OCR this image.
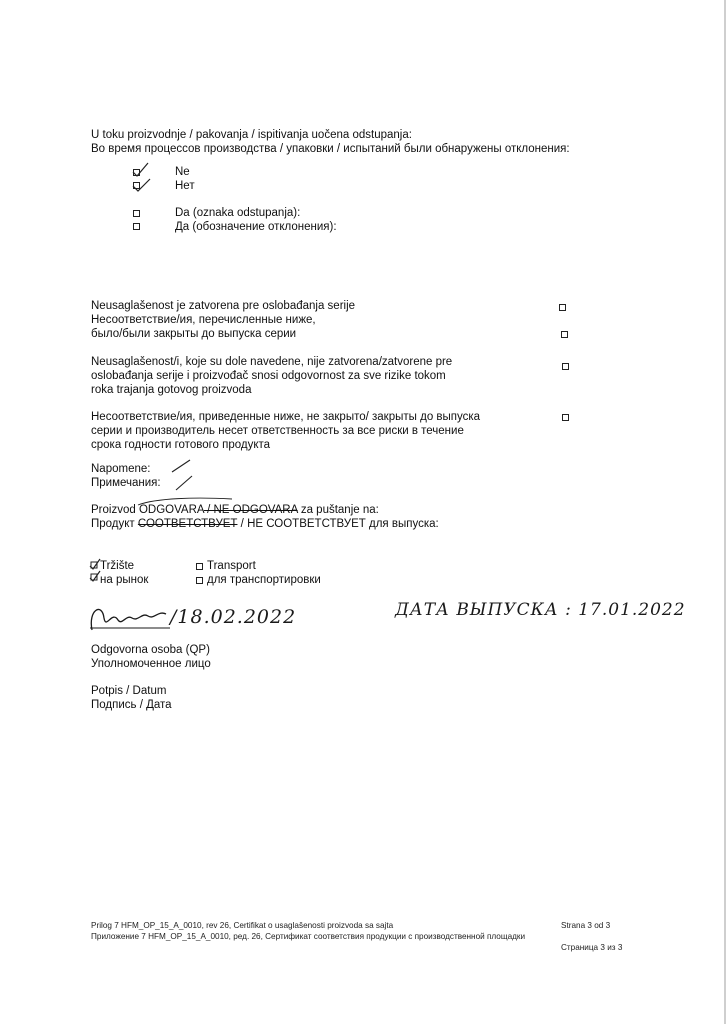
U toku proizvodnje / pakovanja / ispitivanja uočena odstupanja:
Во время процессов производства / упаковки / испытаний были обнаружены отклонения:
Ne
Нет
Da (oznaka odstupanja):
Да (обозначение отклонения):
Neusaglašenost je zatvorena pre oslobađanja serije
Несоответствие/ия, перечисленные ниже,
было/были закрыты до выпуска серии
Neusaglašenost/i, koje su dole navedene, nije zatvorena/zatvorene pre
oslobađanja serije i proizvođač snosi odgovornost za sve rizike tokom
roka trajanja gotovog proizvoda
Несоответствие/ия, приведенные ниже, не закрыто/ закрыты до выпуска
серии и производитель несет ответственность за все риски в течение
срока годности готового продукта
Napomene:
Примечания:
Proizvod ODGOVARA / NE ODGOVARA za puštanje na:
Продукт СООТВЕТСТВУЕТ / НЕ СООТВЕТСТВУЕТ для выпуска:
Tržište
на рынок
Transport
для транспортировки
/18.02.2022	ДАТА ВЫПУСКА : 17.01.2022
Odgovorna osoba (QP)
Уполномоченное лицо
Potpis / Datum
Подпись / Дата
Prilog 7 HFM_OP_15_A_0010, rev 26, Certifikat o usaglašenosti proizvoda sa sajta
Приложение 7 HFM_OP_15_A_0010, ред. 26, Сертификат соответствия продукции с производственной площадки
Strana 3 od 3
Страница 3 из 3
